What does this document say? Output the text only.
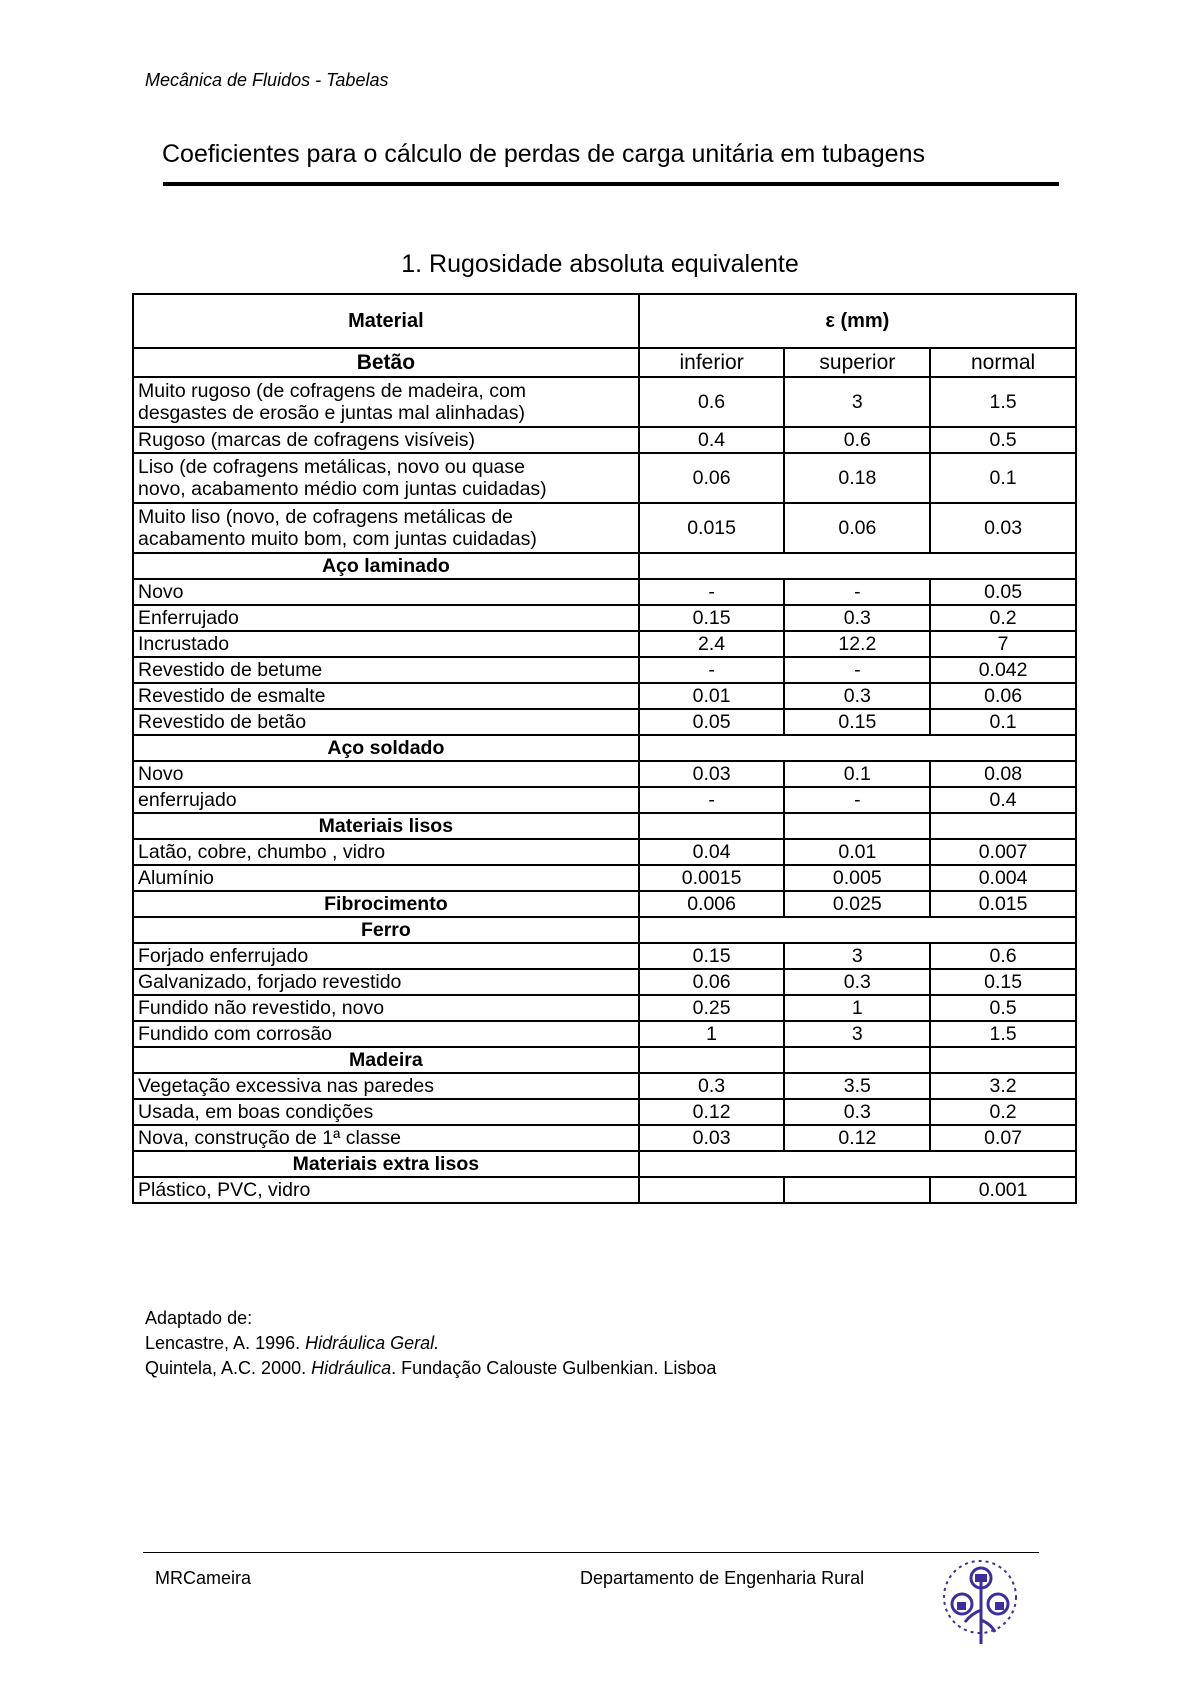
Mecânica de Fluidos - Tabelas
Coeficientes para o cálculo de perdas de carga unitária em tubagens
1. Rugosidade absoluta equivalente
Material	ε (mm)		
Betão	inferior	superior	normal
Muito rugoso (de cofragens de madeira, com
desgastes de erosão e juntas mal alinhadas)	0.6	3	1.5
Rugoso (marcas de cofragens visíveis)	0.4	0.6	0.5
Liso (de cofragens metálicas, novo ou quase
novo, acabamento médio com juntas cuidadas)	0.06	0.18	0.1
Muito liso (novo, de cofragens metálicas de
acabamento muito bom, com juntas cuidadas)	0.015	0.06	0.03
Aço laminado			
Novo	-	-	0.05
Enferrujado	0.15	0.3	0.2
Incrustado	2.4	12.2	7
Revestido de betume	-	-	0.042
Revestido de esmalte	0.01	0.3	0.06
Revestido de betão	0.05	0.15	0.1
Aço soldado			
Novo	0.03	0.1	0.08
enferrujado	-	-	0.4
Materiais lisos			
Latão, cobre, chumbo , vidro	0.04	0.01	0.007
Alumínio	0.0015	0.005	0.004
Fibrocimento	0.006	0.025	0.015
Ferro			
Forjado enferrujado	0.15	3	0.6
Galvanizado, forjado revestido	0.06	0.3	0.15
Fundido não revestido, novo	0.25	1	0.5
Fundido com corrosão	1	3	1.5
Madeira			
Vegetação excessiva nas paredes	0.3	3.5	3.2
Usada, em boas condições	0.12	0.3	0.2
Nova, construção de 1ª classe	0.03	0.12	0.07
Materiais extra lisos			
Plástico, PVC, vidro			0.001
Adaptado de:
Lencastre, A. 1996. Hidráulica Geral.
Quintela, A.C. 2000. Hidráulica. Fundação Calouste Gulbenkian. Lisboa
MRCameira	Departamento de Engenharia Rural
